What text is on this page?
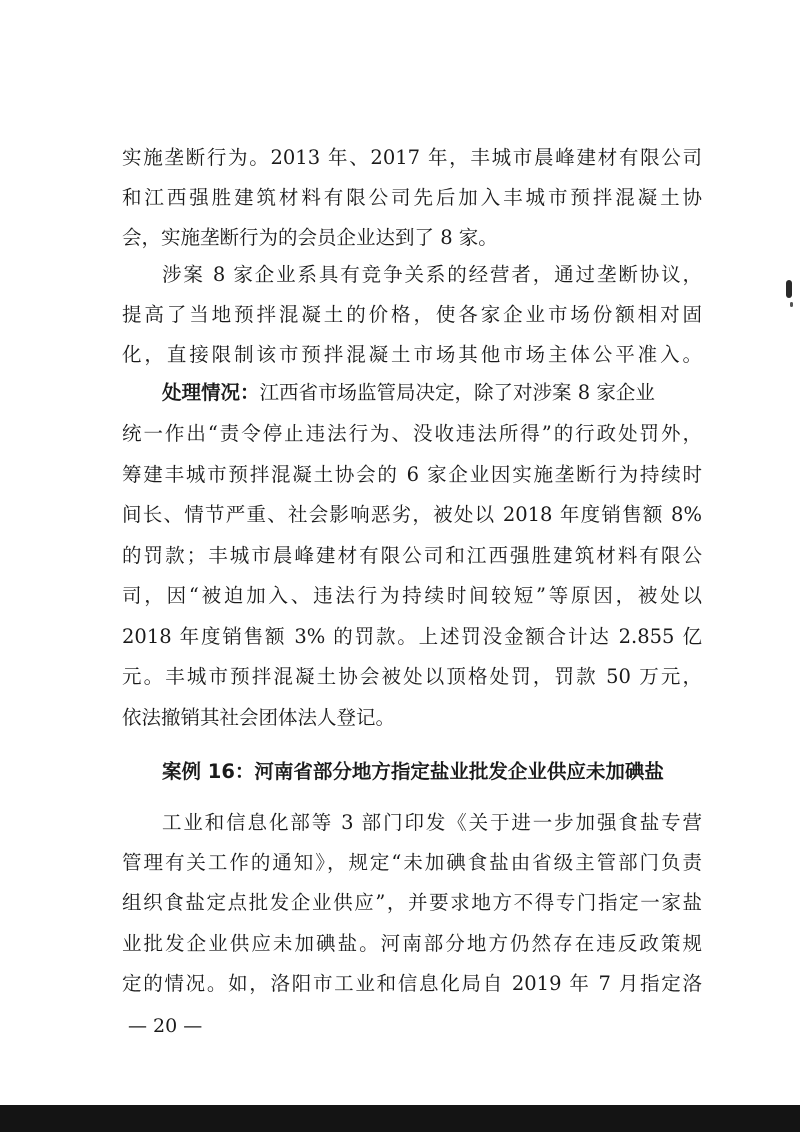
实施垄断行为。2013 年、2017 年，丰城市晨峰建材有限公司
和江西强胜建筑材料有限公司先后加入丰城市预拌混凝土协
会，实施垄断行为的会员企业达到了 8 家。
涉案 8 家企业系具有竞争关系的经营者，通过垄断协议，
提高了当地预拌混凝土的价格，使各家企业市场份额相对固
化，直接限制该市预拌混凝土市场其他市场主体公平准入。
处理情况：江西省市场监管局决定，除了对涉案 8 家企业
统一作出“责令停止违法行为、没收违法所得”的行政处罚外，
筹建丰城市预拌混凝土协会的 6 家企业因实施垄断行为持续时
间长、情节严重、社会影响恶劣，被处以 2018 年度销售额 8%
的罚款；丰城市晨峰建材有限公司和江西强胜建筑材料有限公
司，因“被迫加入、违法行为持续时间较短”等原因，被处以
2018 年度销售额 3% 的罚款。上述罚没金额合计达 2.855 亿
元。丰城市预拌混凝土协会被处以顶格处罚，罚款 50 万元，
依法撤销其社会团体法人登记。
案例 16：河南省部分地方指定盐业批发企业供应未加碘盐
工业和信息化部等 3 部门印发《关于进一步加强食盐专营
管理有关工作的通知》，规定“未加碘食盐由省级主管部门负责
组织食盐定点批发企业供应”，并要求地方不得专门指定一家盐
业批发企业供应未加碘盐。河南部分地方仍然存在违反政策规
定的情况。如，洛阳市工业和信息化局自 2019 年 7 月指定洛
— 20 —
